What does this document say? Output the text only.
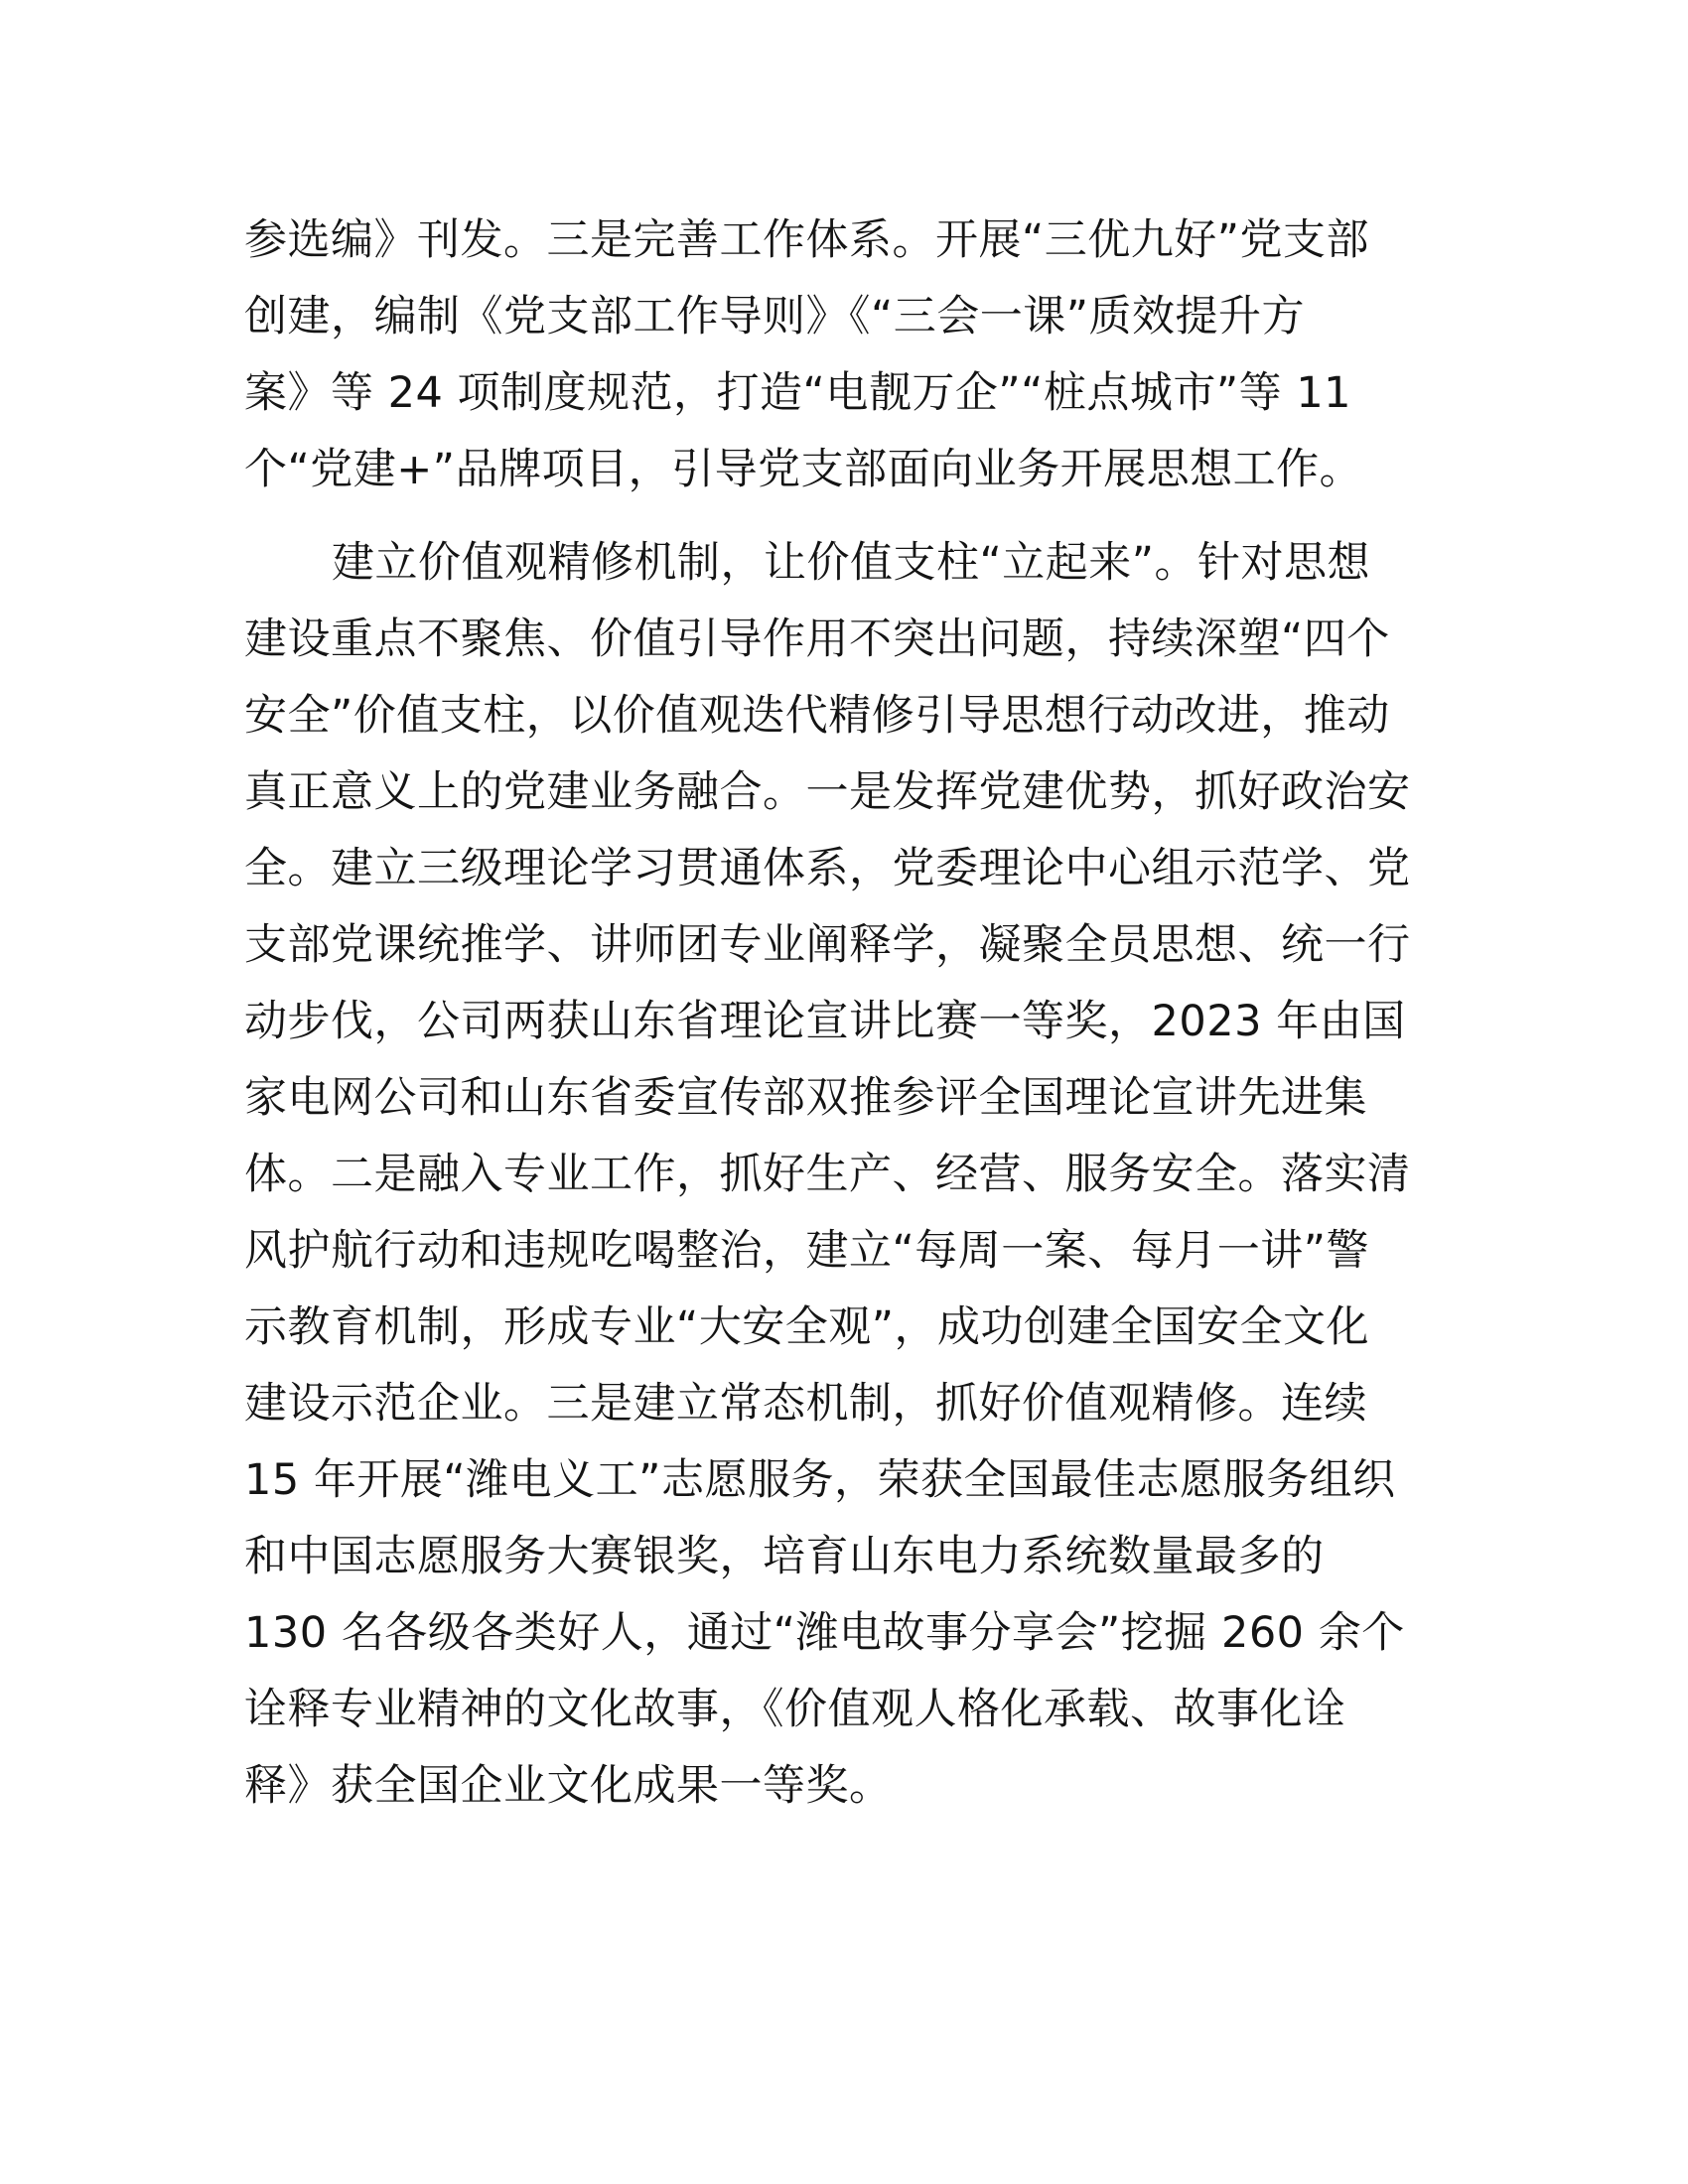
参选编》刊发。三是完善工作体系。开展“三优九好”党支部
创建，编制《党支部工作导则》《“三会一课”质效提升方
案》等 24 项制度规范，打造“电靓万企”“桩点城市”等 11
个“党建+”品牌项目，引导党支部面向业务开展思想工作。
建立价值观精修机制，让价值支柱“立起来”。针对思想
建设重点不聚焦、价值引导作用不突出问题，持续深塑“四个
安全”价值支柱，以价值观迭代精修引导思想行动改进，推动
真正意义上的党建业务融合。一是发挥党建优势，抓好政治安
全。建立三级理论学习贯通体系，党委理论中心组示范学、党
支部党课统推学、讲师团专业阐释学，凝聚全员思想、统一行
动步伐，公司两获山东省理论宣讲比赛一等奖，2023 年由国
家电网公司和山东省委宣传部双推参评全国理论宣讲先进集
体。二是融入专业工作，抓好生产、经营、服务安全。落实清
风护航行动和违规吃喝整治，建立“每周一案、每月一讲”警
示教育机制，形成专业“大安全观”，成功创建全国安全文化
建设示范企业。三是建立常态机制，抓好价值观精修。连续
15 年开展“潍电义工”志愿服务，荣获全国最佳志愿服务组织
和中国志愿服务大赛银奖，培育山东电力系统数量最多的
130 名各级各类好人，通过“潍电故事分享会”挖掘 260 余个
诠释专业精神的文化故事，《价值观人格化承载、故事化诠
释》获全国企业文化成果一等奖。
